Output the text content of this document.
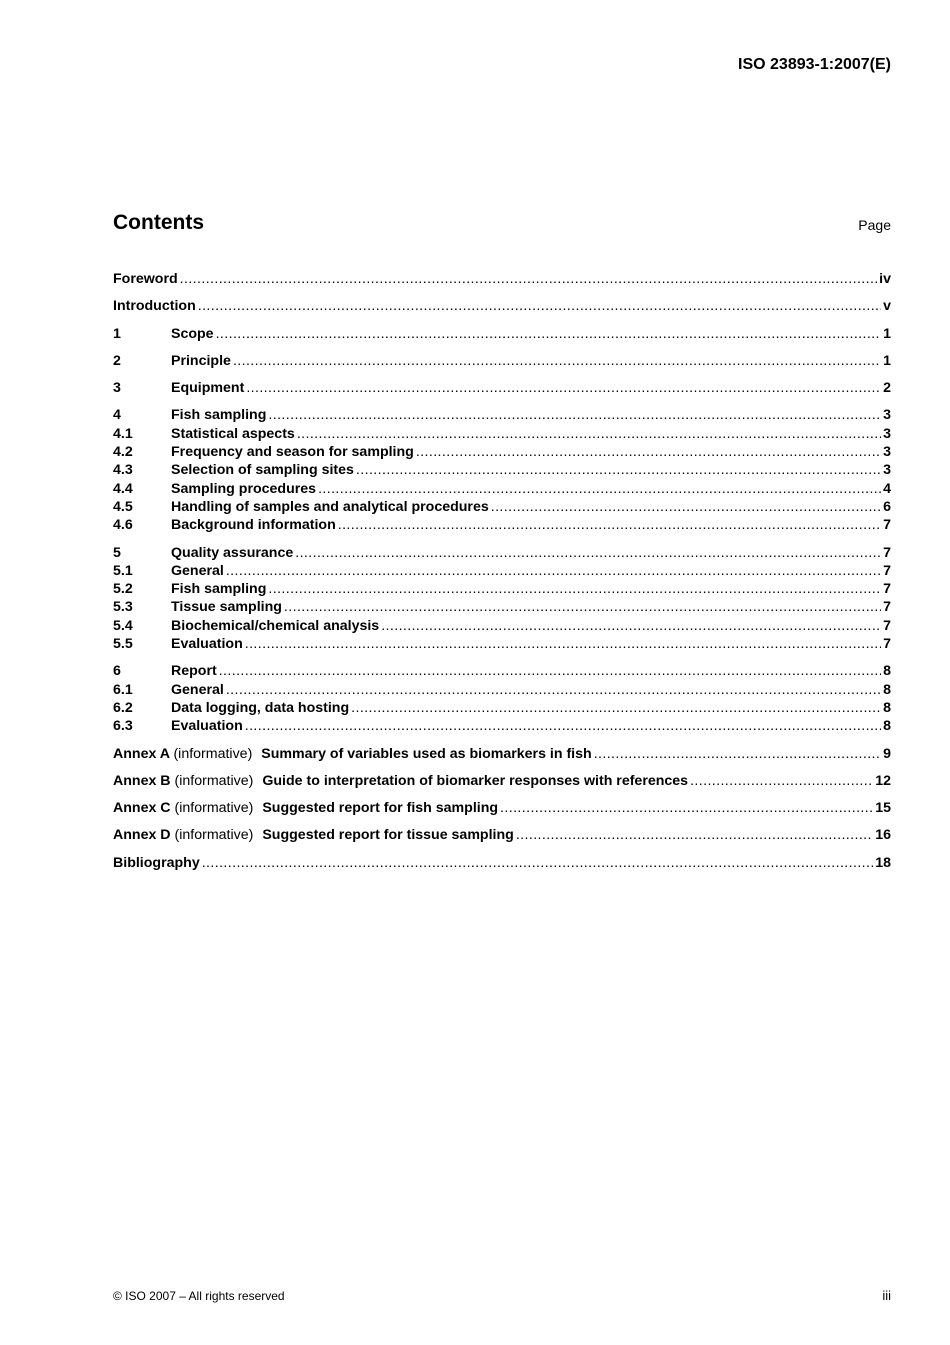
ISO 23893-1:2007(E)
Contents	Page
Foreword .....	iv
Introduction .....	v
1	Scope .....	1
2	Principle .....	1
3	Equipment .....	2
4	Fish sampling .....	3
4.1	Statistical aspects .....	3
4.2	Frequency and season for sampling .....	3
4.3	Selection of sampling sites .....	3
4.4	Sampling procedures .....	4
4.5	Handling of samples and analytical procedures .....	6
4.6	Background information .....	7
5	Quality assurance .....	7
5.1	General .....	7
5.2	Fish sampling .....	7
5.3	Tissue sampling .....	7
5.4	Biochemical/chemical analysis .....	7
5.5	Evaluation .....	7
6	Report .....	8
6.1	General .....	8
6.2	Data logging, data hosting .....	8
6.3	Evaluation .....	8
Annex A (informative) Summary of variables used as biomarkers in fish .....	9
Annex B (informative) Guide to interpretation of biomarker responses with references .....	12
Annex C (informative) Suggested report for fish sampling .....	15
Annex D (informative) Suggested report for tissue sampling .....	16
Bibliography .....	18
© ISO 2007 – All rights reserved	iii
